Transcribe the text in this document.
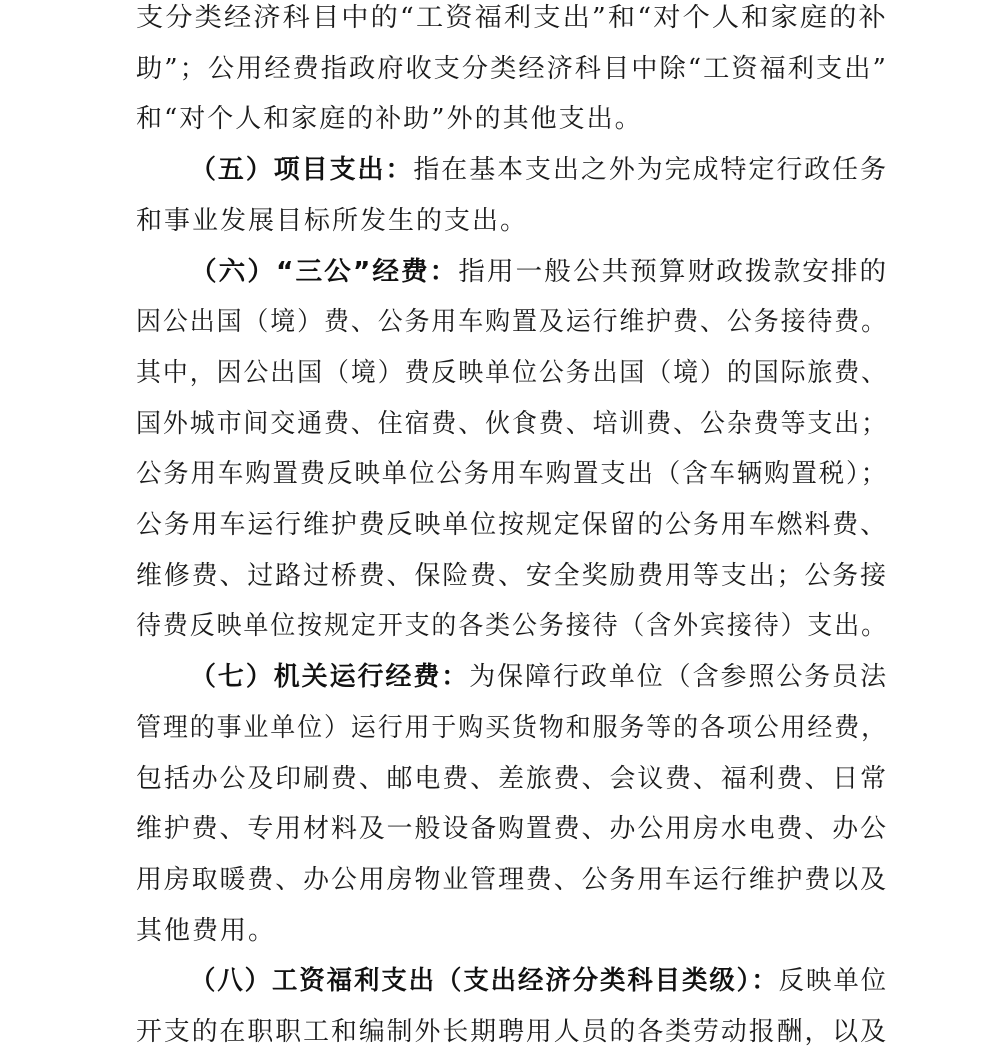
支分类经济科目中的“工资福利支出”和“对个人和家庭的补
助”；公用经费指政府收支分类经济科目中除“工资福利支出”
和“对个人和家庭的补助”外的其他支出。
（五）项目支出：指在基本支出之外为完成特定行政任务
和事业发展目标所发生的支出。
（六）“三公”经费：指用一般公共预算财政拨款安排的
因公出国（境）费、公务用车购置及运行维护费、公务接待费。
其中，因公出国（境）费反映单位公务出国（境）的国际旅费、
国外城市间交通费、住宿费、伙食费、培训费、公杂费等支出；
公务用车购置费反映单位公务用车购置支出（含车辆购置税）；
公务用车运行维护费反映单位按规定保留的公务用车燃料费、
维修费、过路过桥费、保险费、安全奖励费用等支出；公务接
待费反映单位按规定开支的各类公务接待（含外宾接待）支出。
（七）机关运行经费：为保障行政单位（含参照公务员法
管理的事业单位）运行用于购买货物和服务等的各项公用经费，
包括办公及印刷费、邮电费、差旅费、会议费、福利费、日常
维护费、专用材料及一般设备购置费、办公用房水电费、办公
用房取暖费、办公用房物业管理费、公务用车运行维护费以及
其他费用。
（八）工资福利支出（支出经济分类科目类级）：反映单位
开支的在职职工和编制外长期聘用人员的各类劳动报酬，以及
